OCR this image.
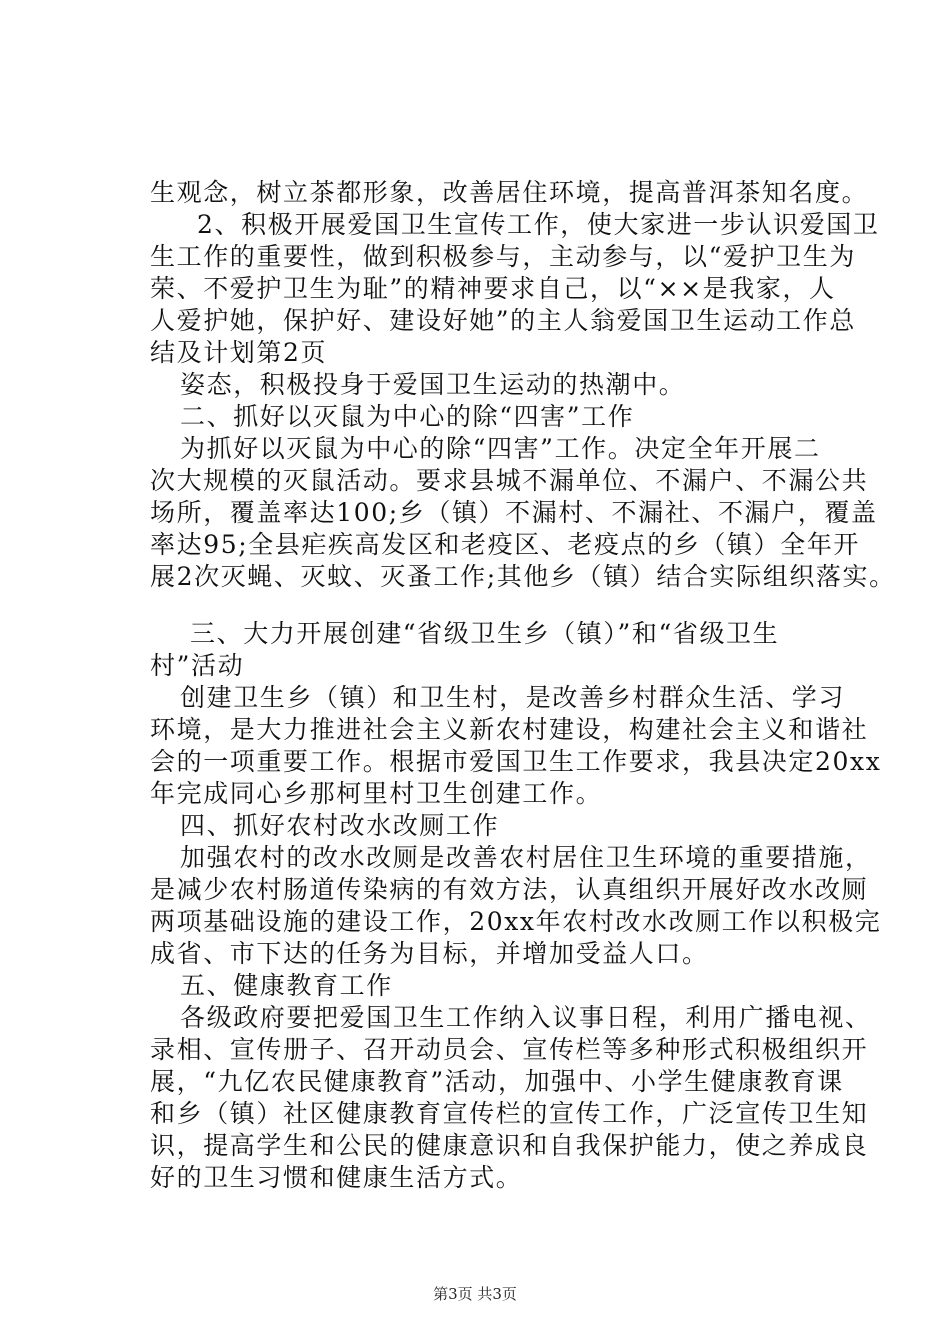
生观念，树立茶都形象，改善居住环境，提高普洱茶知名度。
2、积极开展爱国卫生宣传工作，使大家进一步认识爱国卫
生工作的重要性，做到积极参与，主动参与，以“爱护卫生为
荣、不爱护卫生为耻”的精神要求自己，以“××是我家，人
人爱护她，保护好、建设好她”的主人翁爱国卫生运动工作总
结及计划第2页
姿态，积极投身于爱国卫生运动的热潮中。
二、抓好以灭鼠为中心的除“四害”工作
为抓好以灭鼠为中心的除“四害”工作。决定全年开展二
次大规模的灭鼠活动。要求县城不漏单位、不漏户、不漏公共
场所，覆盖率达100;乡（镇）不漏村、不漏社、不漏户，覆盖
率达95;全县疟疾高发区和老疫区、老疫点的乡（镇）全年开
展2次灭蝇、灭蚊、灭蚤工作;其他乡（镇）结合实际组织落实。
三、大力开展创建“省级卫生乡（镇）”和“省级卫生
村”活动
创建卫生乡（镇）和卫生村，是改善乡村群众生活、学习
环境，是大力推进社会主义新农村建设，构建社会主义和谐社
会的一项重要工作。根据市爱国卫生工作要求，我县决定20xx
年完成同心乡那柯里村卫生创建工作。
四、抓好农村改水改厕工作
加强农村的改水改厕是改善农村居住卫生环境的重要措施，
是减少农村肠道传染病的有效方法，认真组织开展好改水改厕
两项基础设施的建设工作，20xx年农村改水改厕工作以积极完
成省、市下达的任务为目标，并增加受益人口。
五、健康教育工作
各级政府要把爱国卫生工作纳入议事日程，利用广播电视、
录相、宣传册子、召开动员会、宣传栏等多种形式积极组织开
展，“九亿农民健康教育”活动，加强中、小学生健康教育课
和乡（镇）社区健康教育宣传栏的宣传工作，广泛宣传卫生知
识，提高学生和公民的健康意识和自我保护能力，使之养成良
好的卫生习惯和健康生活方式。
第3页 共3页
